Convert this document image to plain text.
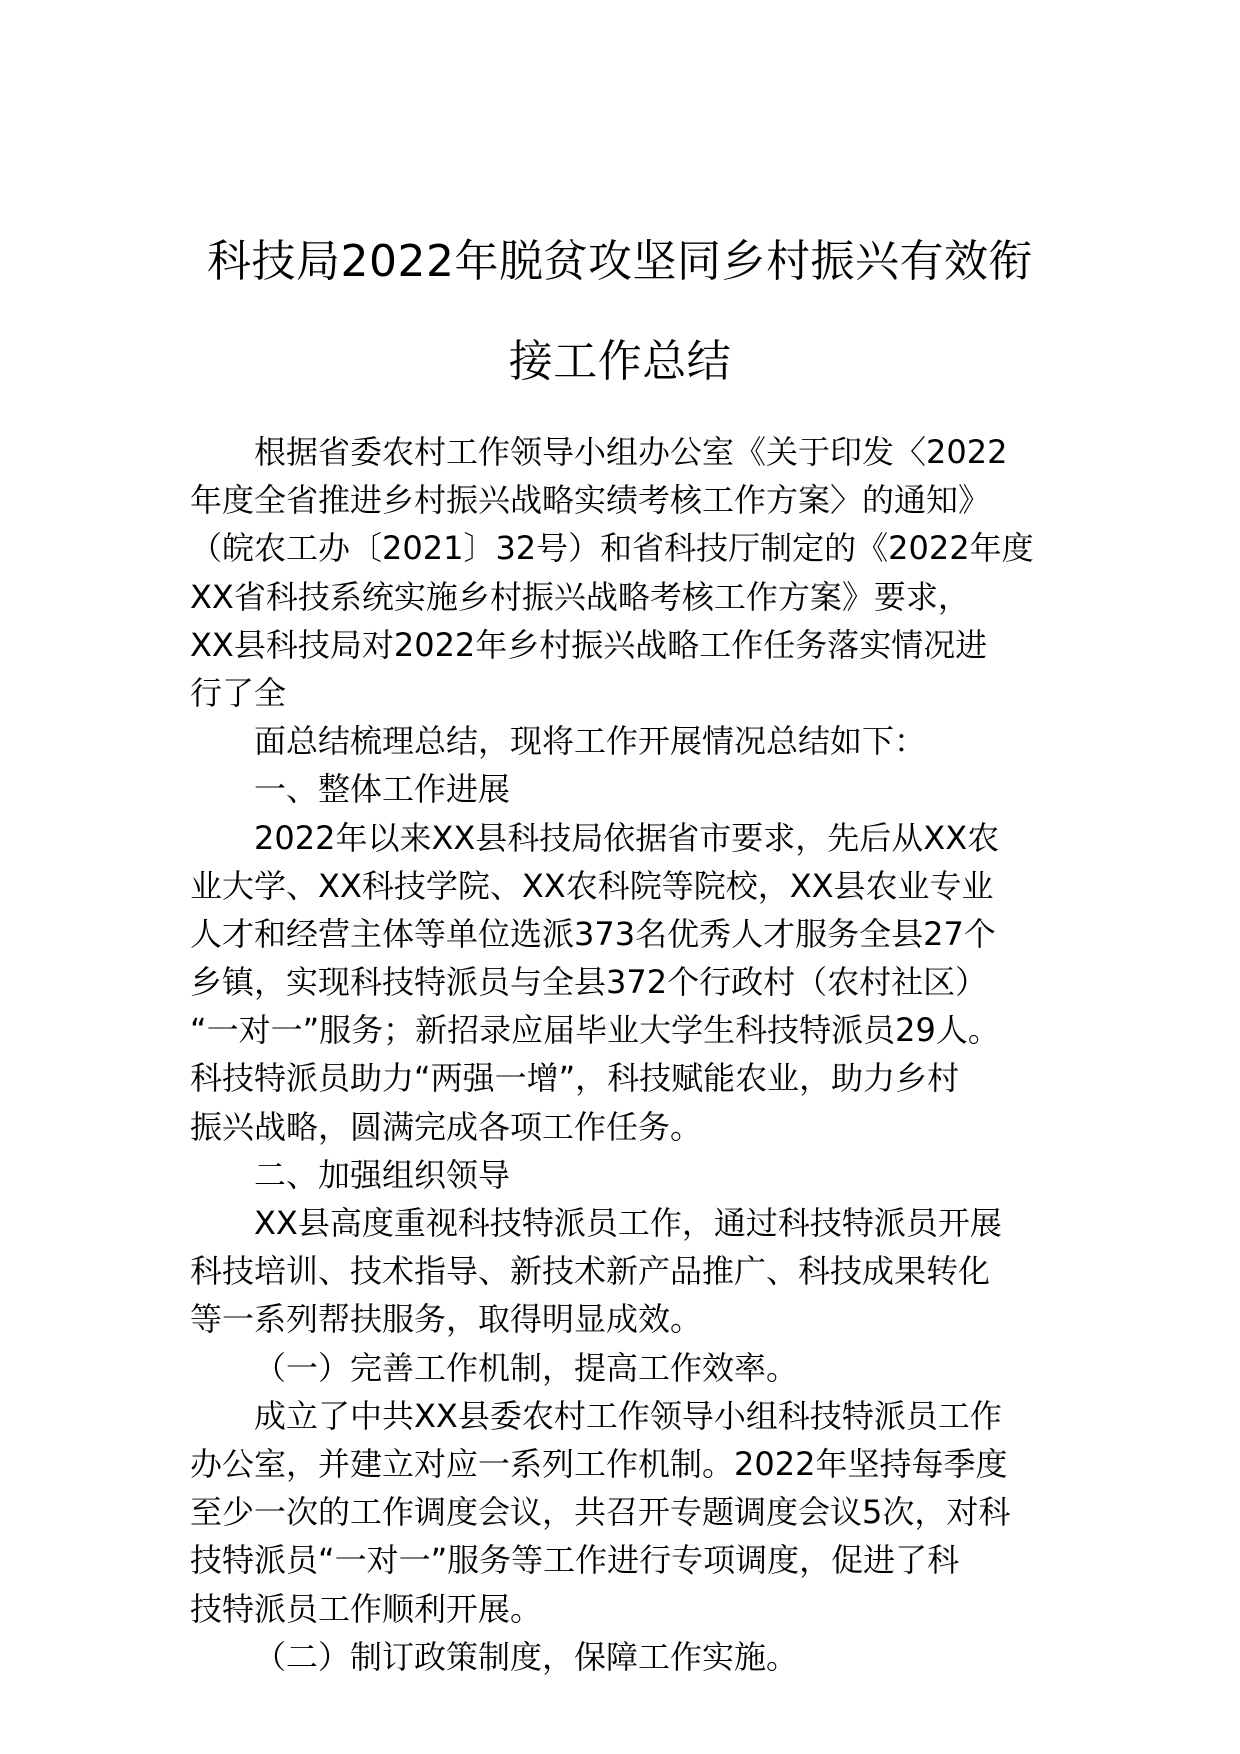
科技局2022年脱贫攻坚同乡村振兴有效衔
接工作总结
根据省委农村工作领导小组办公室《关于印发〈2022
年度全省推进乡村振兴战略实绩考核工作方案〉的通知》
（皖农工办〔2021〕32号）和省科技厅制定的《2022年度
XX省科技系统实施乡村振兴战略考核工作方案》要求，
XX县科技局对2022年乡村振兴战略工作任务落实情况进
行了全
面总结梳理总结，现将工作开展情况总结如下：
一、整体工作进展
2022年以来XX县科技局依据省市要求，先后从XX农
业大学、XX科技学院、XX农科院等院校，XX县农业专业
人才和经营主体等单位选派373名优秀人才服务全县27个
乡镇，实现科技特派员与全县372个行政村（农村社区）
“一对一”服务；新招录应届毕业大学生科技特派员29人。
科技特派员助力“两强一增”，科技赋能农业，助力乡村
振兴战略，圆满完成各项工作任务。
二、加强组织领导
XX县高度重视科技特派员工作，通过科技特派员开展
科技培训、技术指导、新技术新产品推广、科技成果转化
等一系列帮扶服务，取得明显成效。
（一）完善工作机制，提高工作效率。
成立了中共XX县委农村工作领导小组科技特派员工作
办公室，并建立对应一系列工作机制。2022年坚持每季度
至少一次的工作调度会议，共召开专题调度会议5次，对科
技特派员“一对一”服务等工作进行专项调度，促进了科
技特派员工作顺利开展。
（二）制订政策制度，保障工作实施。
